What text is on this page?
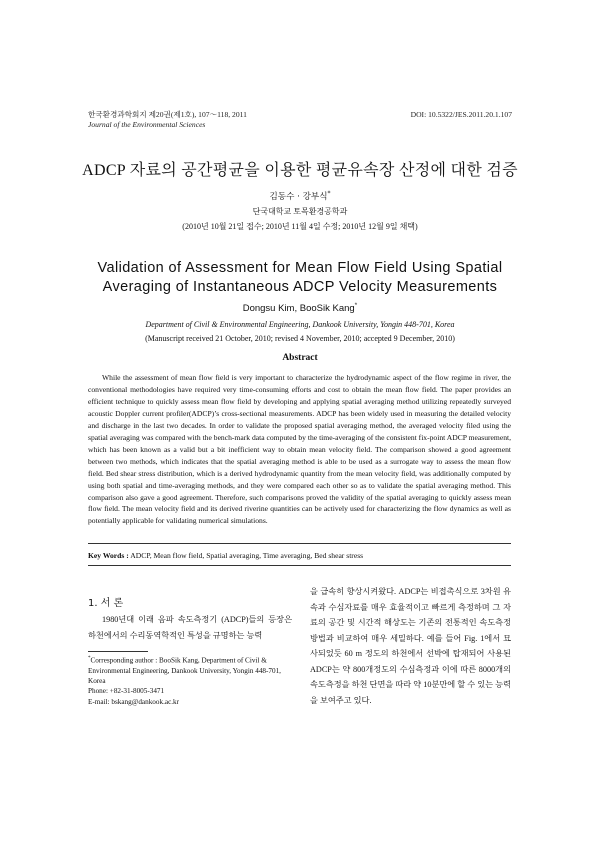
한국환경과학회지 제20권(제1호), 107～118, 2011
Journal of the Environmental Sciences
DOI: 10.5322/JES.2011.20.1.107
ADCP 자료의 공간평균을 이용한 평균유속장 산정에 대한 검증
김동수 · 강부식*
단국대학교 토목환경공학과
(2010년 10월 21일 접수; 2010년 11월 4일 수정; 2010년 12월 9일 채택)
Validation of Assessment for Mean Flow Field Using Spatial
Averaging of Instantaneous ADCP Velocity Measurements
Dongsu Kim, BooSik Kang*
Department of Civil & Environmental Engineering, Dankook University, Yongin 448-701, Korea
(Manuscript received 21 October, 2010; revised 4 November, 2010; accepted 9 December, 2010)
Abstract
While the assessment of mean flow field is very important to characterize the hydrodynamic aspect of the flow regime in river, the conventional methodologies have required very time-consuming efforts and cost to obtain the mean flow field. The paper provides an efficient technique to quickly assess mean flow field by developing and applying spatial averaging method utilizing repeatedly surveyed acoustic Doppler current profiler(ADCP)’s cross-sectional measurements. ADCP has been widely used in measuring the detailed velocity and discharge in the last two decades. In order to validate the proposed spatial averaging method, the averaged velocity filed using the spatial averaging was compared with the bench-mark data computed by the time-averaging of the consistent fix-point ADCP measurement, which has been known as a valid but a bit inefficient way to obtain mean velocity field. The comparison showed a good agreement between two methods, which indicates that the spatial averaging method is able to be used as a surrogate way to assess the mean flow field. Bed shear stress distribution, which is a derived hydrodynamic quantity from the mean velocity field, was additionally computed by using both spatial and time-averaging methods, and they were compared each other so as to validate the spatial averaging method. This comparison also gave a good agreement. Therefore, such comparisons proved the validity of the spatial averaging to quickly assess mean flow field. The mean velocity field and its derived riverine quantities can be actively used for characterizing the flow dynamics as well as potentially applicable for validating numerical simulations.
Key Words : ADCP, Mean flow field, Spatial averaging, Time averaging, Bed shear stress
1. 서 론
1980년대 이래 음파 속도측정기 (ADCP)들의 등장은 하천에서의 수리동역학적인 특성을 규명하는 능력
을 급속히 향상시켜왔다. ADCP는 비접촉식으로 3차원 유속과 수심자료를 매우 효율적이고 빠르게 측정하며 그 자료의 공간 및 시간적 해상도는 기존의 전통적인 속도측정방법과 비교하여 매우 세밀하다. 예를 들어 Fig. 1에서 묘사되었듯 60 m 정도의 하천에서 선박에 탑재되어 사용된 ADCP는 약 800개정도의 수심측정과 이에 따른 8000개의 속도측정을 하천 단면을 따라 약 10분만에 할 수 있는 능력을 보여주고 있다.
*Corresponding author : BooSik Kang, Department of Civil & Environmental Engineering, Dankook University, Yongin 448-701, Korea
Phone: +82-31-8005-3471
E-mail: bskang@dankook.ac.kr
